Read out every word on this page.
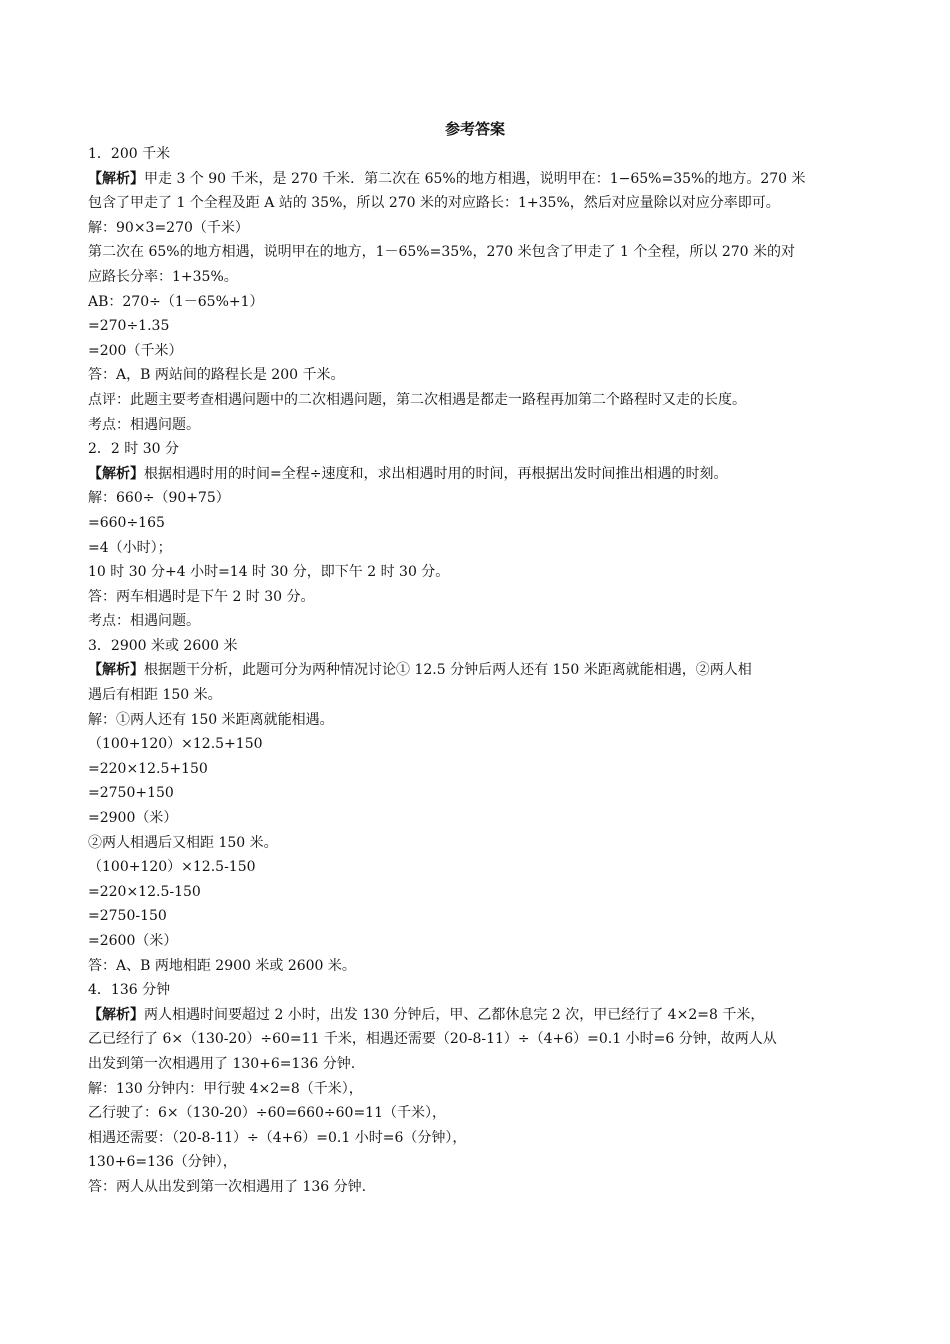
参考答案
1．200 千米
【解析】甲走 3 个 90 千米，是 270 千米．第二次在 65%的地方相遇，说明甲在：1−65%=35%的地方。270 米
包含了甲走了 1 个全程及距 A 站的 35%，所以 270 米的对应路长：1+35%，然后对应量除以对应分率即可。
解：90×3=270（千米）
第二次在 65%的地方相遇，说明甲在的地方，1－65%=35%，270 米包含了甲走了 1 个全程，所以 270 米的对
应路长分率：1+35%。
AB：270÷（1－65%+1）
=270÷1.35
=200（千米）
答：A，B 两站间的路程长是 200 千米。
点评：此题主要考查相遇问题中的二次相遇问题，第二次相遇是都走一路程再加第二个路程时又走的长度。
考点：相遇问题。
2．2 时 30 分
【解析】根据相遇时用的时间=全程÷速度和，求出相遇时用的时间，再根据出发时间推出相遇的时刻。
解：660÷（90+75）
=660÷165
=4（小时）；
10 时 30 分+4 小时=14 时 30 分，即下午 2 时 30 分。
答：两车相遇时是下午 2 时 30 分。
考点：相遇问题。
3．2900 米或 2600 米
【解析】根据题干分析，此题可分为两种情况讨论① 12.5 分钟后两人还有 150 米距离就能相遇，②两人相
遇后有相距 150 米。
解：①两人还有 150 米距离就能相遇。
（100+120）×12.5+150
=220×12.5+150
=2750+150
=2900（米）
②两人相遇后又相距 150 米。
（100+120）×12.5-150
=220×12.5-150
=2750-150
=2600（米）
答：A、B 两地相距 2900 米或 2600 米。
4．136 分钟
【解析】两人相遇时间要超过 2 小时，出发 130 分钟后，甲、乙都休息完 2 次，甲已经行了 4×2=8 千米，
乙已经行了 6×（130-20）÷60=11 千米，相遇还需要（20-8-11）÷（4+6）=0.1 小时=6 分钟，故两人从
出发到第一次相遇用了 130+6=136 分钟.
解：130 分钟内：甲行驶 4×2=8（千米），
乙行驶了：6×（130-20）÷60=660÷60=11（千米），
相遇还需要：（20-8-11）÷（4+6）=0.1 小时=6（分钟），
130+6=136（分钟），
答：两人从出发到第一次相遇用了 136 分钟.
